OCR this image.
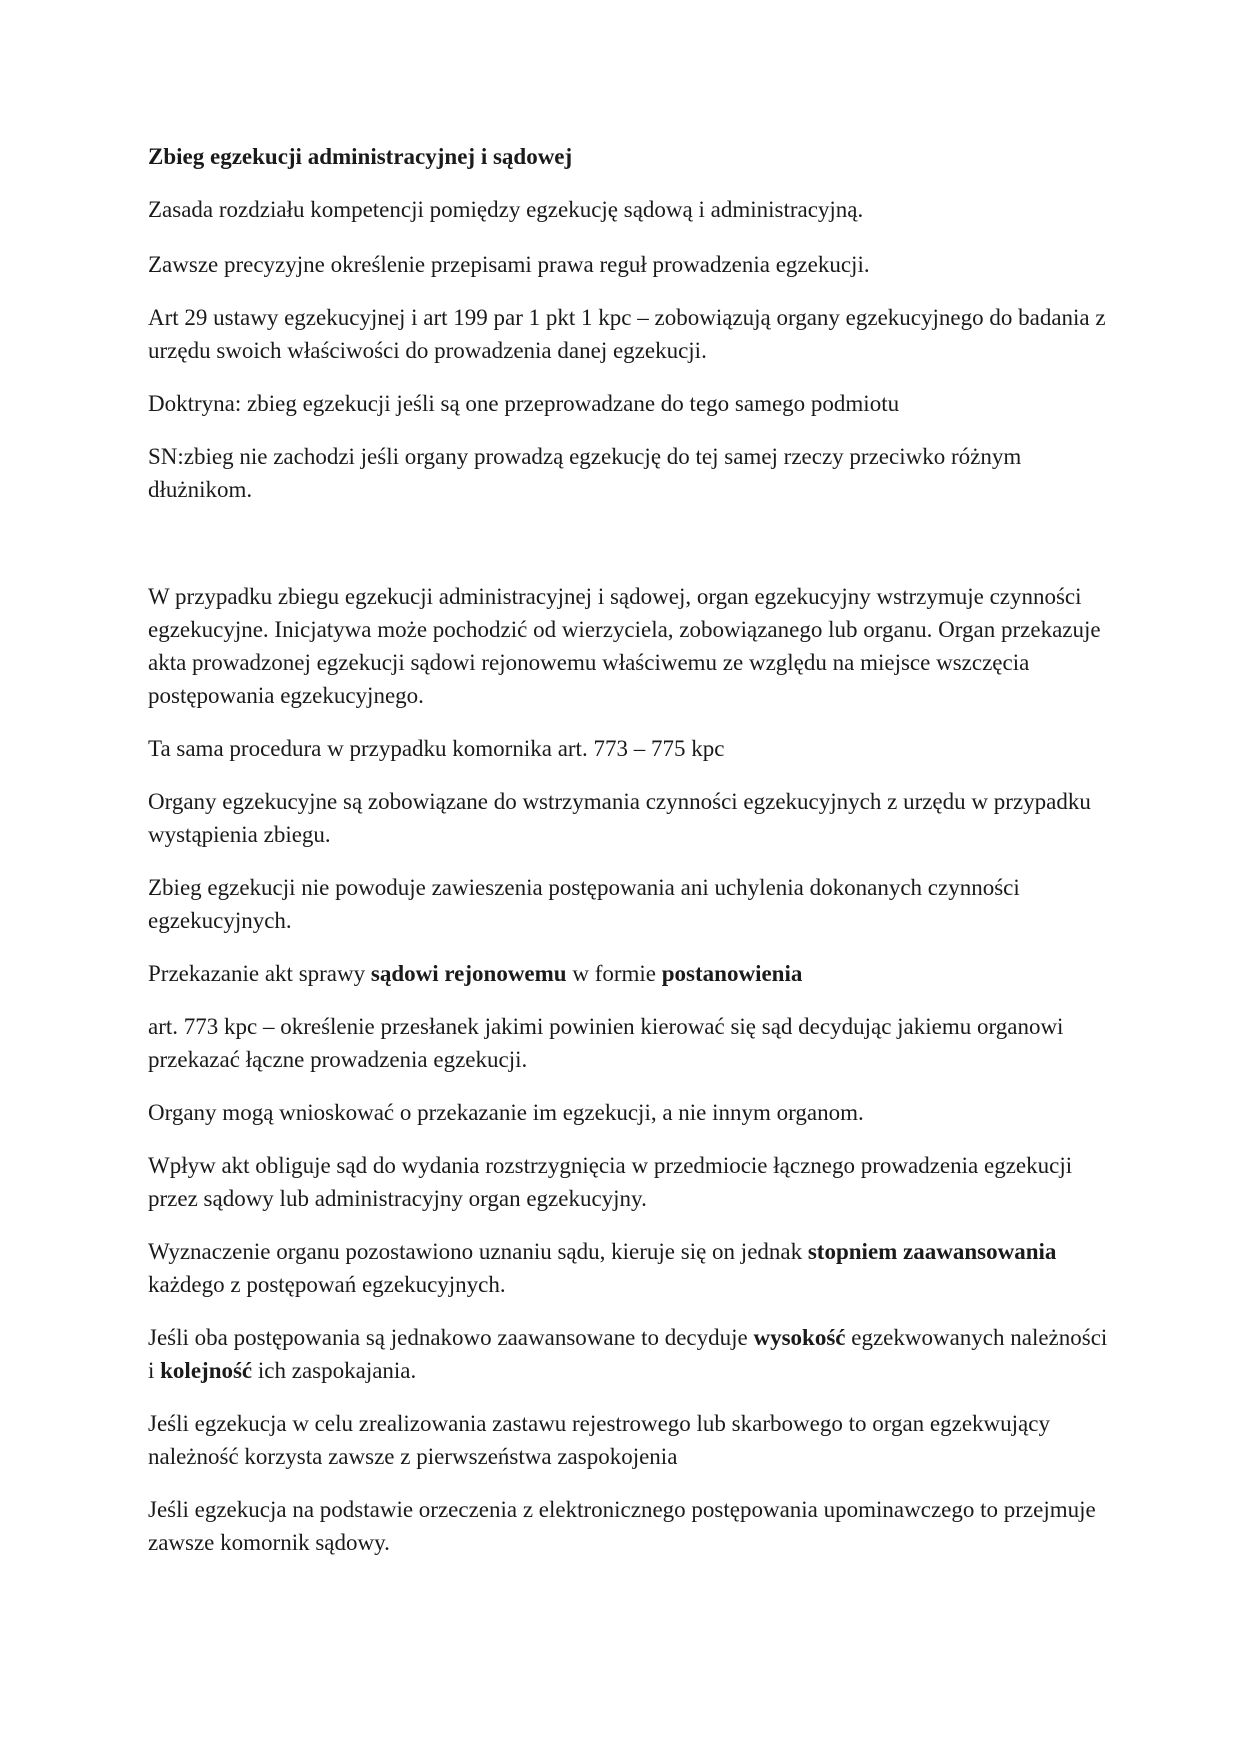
Zbieg egzekucji administracyjnej i sądowej

Zasada rozdziału kompetencji pomiędzy egzekucję sądową i administracyjną.

Zawsze precyzyjne określenie przepisami prawa reguł prowadzenia egzekucji.

Art 29 ustawy egzekucyjnej i art 199 par 1 pkt 1 kpc – zobowiązują organy egzekucyjnego do badania z urzędu swoich właściwości do prowadzenia danej egzekucji.

Doktryna: zbieg egzekucji jeśli są one przeprowadzane do tego samego podmiotu

SN:zbieg nie zachodzi jeśli organy prowadzą egzekucję do tej samej rzeczy przeciwko różnym dłużnikom.

W przypadku zbiegu egzekucji administracyjnej i sądowej, organ egzekucyjny wstrzymuje czynności egzekucyjne. Inicjatywa może pochodzić od wierzyciela, zobowiązanego lub organu. Organ przekazuje akta prowadzonej egzekucji sądowi rejonowemu właściwemu ze względu na miejsce wszczęcia postępowania egzekucyjnego.

Ta sama procedura w przypadku komornika art. 773 – 775 kpc

Organy egzekucyjne są zobowiązane do wstrzymania czynności egzekucyjnych z urzędu w przypadku wystąpienia zbiegu.

Zbieg egzekucji nie powoduje zawieszenia postępowania ani uchylenia dokonanych czynności egzekucyjnych.

Przekazanie akt sprawy sądowi rejonowemu w formie postanowienia

art. 773 kpc – określenie przesłanek jakimi powinien kierować się sąd decydując jakiemu organowi przekazać łączne prowadzenia egzekucji.

Organy mogą wnioskować o przekazanie im egzekucji, a nie innym organom.

Wpływ akt obliguje sąd do wydania rozstrzygnięcia w przedmiocie łącznego prowadzenia egzekucji przez sądowy lub administracyjny organ egzekucyjny.

Wyznaczenie organu pozostawiono uznaniu sądu, kieruje się on jednak stopniem zaawansowania każdego z postępowań egzekucyjnych.

Jeśli oba postępowania są jednakowo zaawansowane to decyduje wysokość egzekwowanych należności i kolejność ich zaspokajania.

Jeśli egzekucja w celu zrealizowania zastawu rejestrowego lub skarbowego to organ egzekwujący należność korzysta zawsze z pierwszeństwa zaspokojenia

Jeśli egzekucja na podstawie orzeczenia z elektronicznego postępowania upominawczego to przejmuje zawsze komornik sądowy.
